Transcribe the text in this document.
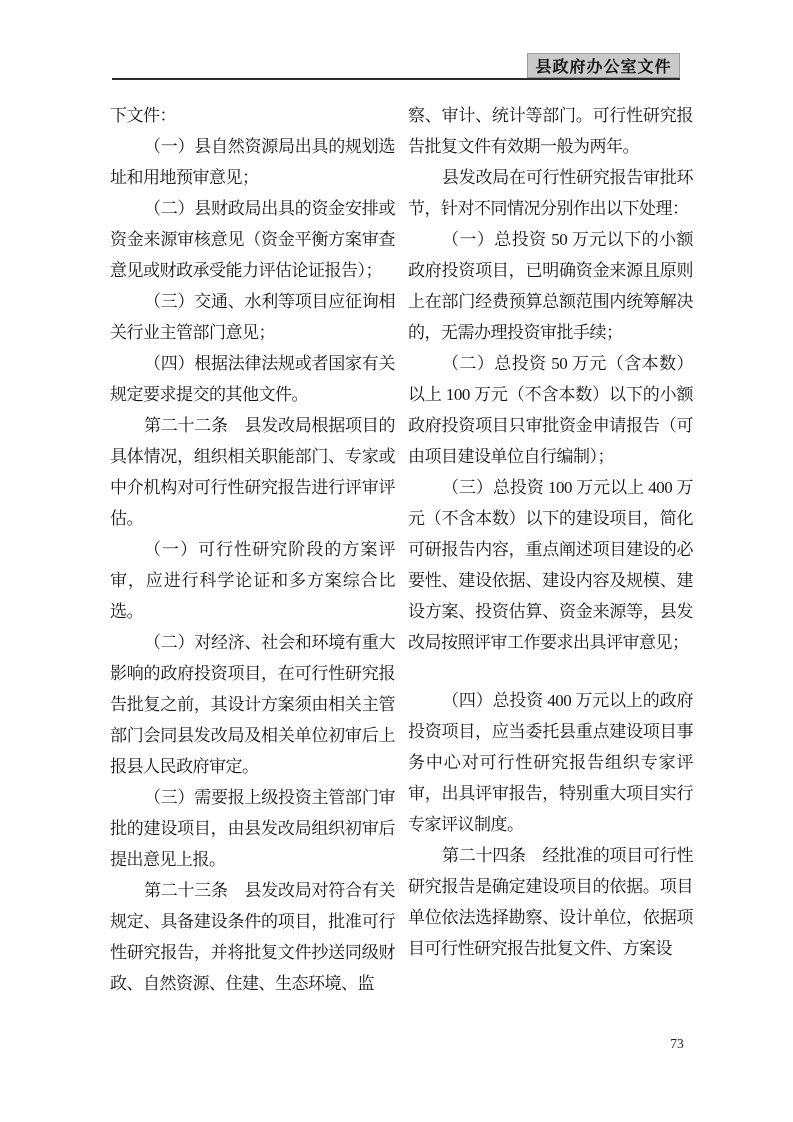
县政府办公室文件

下文件：

（一）县自然资源局出具的规划选址和用地预审意见；

（二）县财政局出具的资金安排或资金来源审核意见（资金平衡方案审查意见或财政承受能力评估论证报告）；

（三）交通、水利等项目应征询相关行业主管部门意见；

（四）根据法律法规或者国家有关规定要求提交的其他文件。

第二十二条　县发改局根据项目的具体情况，组织相关职能部门、专家或中介机构对可行性研究报告进行评审评估。

（一）可行性研究阶段的方案评审，应进行科学论证和多方案综合比选。

（二）对经济、社会和环境有重大影响的政府投资项目，在可行性研究报告批复之前，其设计方案须由相关主管部门会同县发改局及相关单位初审后上报县人民政府审定。

（三）需要报上级投资主管部门审批的建设项目，由县发改局组织初审后提出意见上报。

第二十三条　县发改局对符合有关规定、具备建设条件的项目，批准可行性研究报告，并将批复文件抄送同级财政、自然资源、住建、生态环境、监

察、审计、统计等部门。可行性研究报告批复文件有效期一般为两年。

县发改局在可行性研究报告审批环节，针对不同情况分别作出以下处理：

（一）总投资 50 万元以下的小额政府投资项目，已明确资金来源且原则上在部门经费预算总额范围内统筹解决的，无需办理投资审批手续；

（二）总投资 50 万元（含本数）以上 100 万元（不含本数）以下的小额政府投资项目只审批资金申请报告（可由项目建设单位自行编制）；

（三）总投资 100 万元以上 400 万元（不含本数）以下的建设项目，简化可研报告内容，重点阐述项目建设的必要性、建设依据、建设内容及规模、建设方案、投资估算、资金来源等，县发改局按照评审工作要求出具评审意见；

（四）总投资 400 万元以上的政府投资项目，应当委托县重点建设项目事务中心对可行性研究报告组织专家评审，出具评审报告，特别重大项目实行专家评议制度。

第二十四条　经批准的项目可行性研究报告是确定建设项目的依据。项目单位依法选择勘察、设计单位，依据项目可行性研究报告批复文件、方案设

73
